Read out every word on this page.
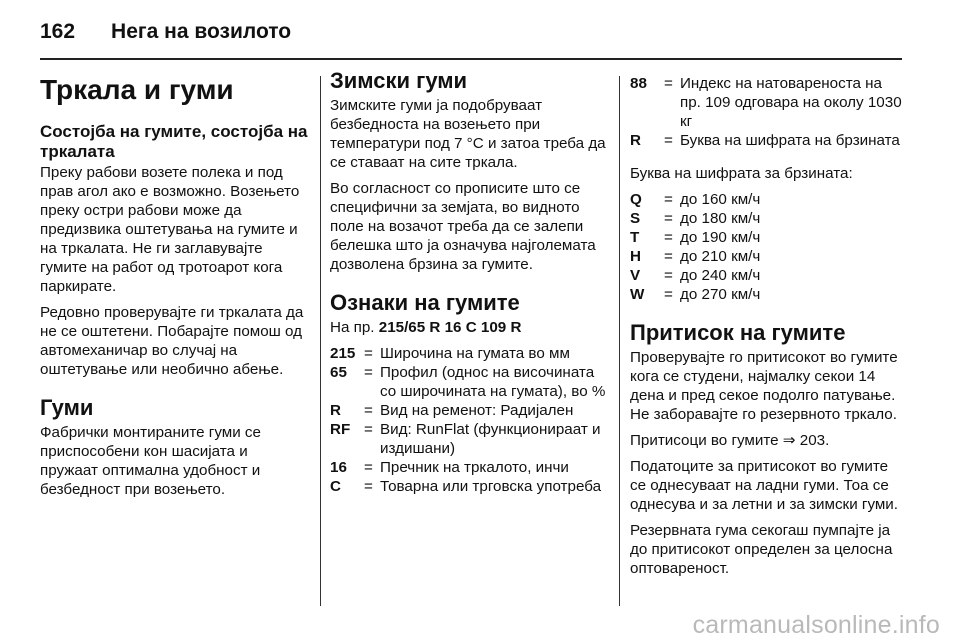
162 Нега на возилото
Тркала и гуми
Состојба на гумите, состојба на тркалата

Преку рабови возете полека и под прав агол ако е возможно. Возењето преку остри рабови може да предизвика оштетувања на гумите и на тркалата. Не ги заглавувајте гумите на работ од тротоарот кога паркирате.

Редовно проверувајте ги тркалата да не се оштетени. Побарајте помош од автомеханичар во случај на оштетување или необично абење.

Гуми

Фабрички монтираните гуми се приспособени кон шасијата и пружаат оптимална удобност и безбедност при возењето.

Зимски гуми

Зимските гуми ја подобруваат безбедноста на возењето при температури под 7 °C и затоа треба да се ставаат на сите тркала.

Во согласност со прописите што се специфични за земјата, во видното поле на возачот треба да се залепи белешка што ја означува најголемата дозволена брзина за гумите.

Ознаки на гумите

На пр. 215/65 R 16 C 109 R

215 = Широчина на гумата во мм
65	= Профил (однос на височината со широчината на гумата), во %
R	= Вид на ременот: Радијален
RF = Вид: RunFlat (функционираат и издишани)
16	= Пречник на тркалото, инчи
C	= Товарна или трговска употреба
88	= Индекс на натовареноста на пр. 109 одговара на околу 1030 кг
R	= Буква на шифрата на брзината

Буква на шифрата за брзината:

Q	= до 160 км/ч
S	= до 180 км/ч
T	= до 190 км/ч
H	= до 210 км/ч
V	= до 240 км/ч
W	= до 270 км/ч
Притисок на гумите

Проверувајте го притисокот во гумите кога се студени, најмалку секои 14 дена и пред секое подолго патување. Не заборавајте го резервното тркало.

Притисоци во гумите ⇒ 203.

Податоците за притисокот во гумите се однесуваат на ладни гуми. Тоа се однесува и за летни и за зимски гуми.

Резервната гума секогаш пумпајте ја до притисокот определен за целосна оптовареност.

carmanualsonline.info
